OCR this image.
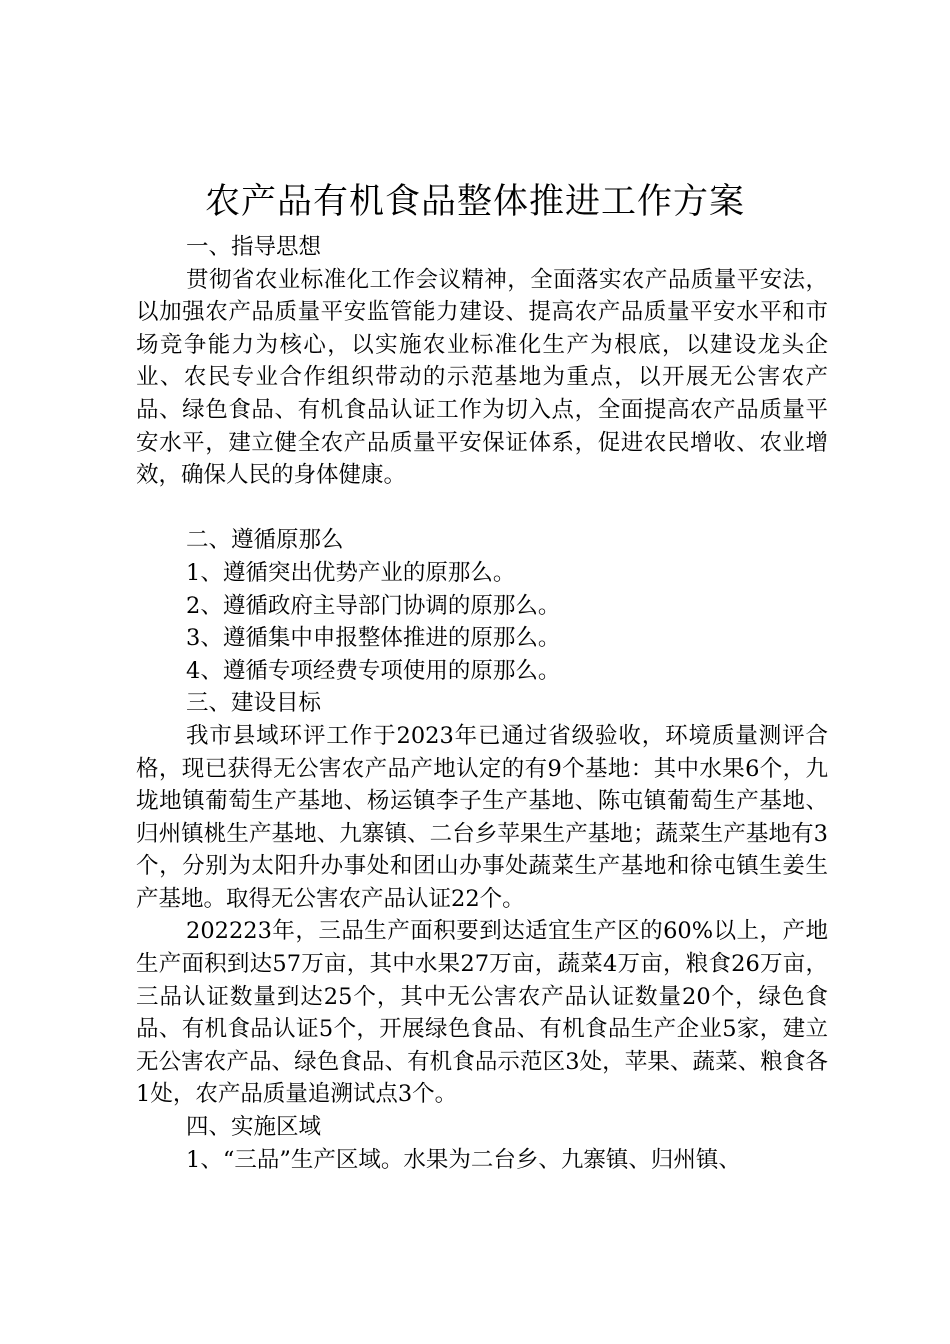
农产品有机食品整体推进工作方案

一、指导思想

贯彻省农业标准化工作会议精神，全面落实农产品质量平安法，以加强农产品质量平安监管能力建设、提高农产品质量平安水平和市场竞争能力为核心，以实施农业标准化生产为根底，以建设龙头企业、农民专业合作组织带动的示范基地为重点，以开展无公害农产品、绿色食品、有机食品认证工作为切入点，全面提高农产品质量平安水平，建立健全农产品质量平安保证体系，促进农民增收、农业增效，确保人民的身体健康。

二、遵循原那么

1、遵循突出优势产业的原那么。

2、遵循政府主导部门协调的原那么。

3、遵循集中申报整体推进的原那么。

4、遵循专项经费专项使用的原那么。

三、建设目标

我市县域环评工作于2023年已通过省级验收，环境质量测评合格，现已获得无公害农产品产地认定的有9个基地：其中水果6个，九垅地镇葡萄生产基地、杨运镇李子生产基地、陈屯镇葡萄生产基地、归州镇桃生产基地、九寨镇、二台乡苹果生产基地；蔬菜生产基地有3个，分别为太阳升办事处和团山办事处蔬菜生产基地和徐屯镇生姜生产基地。取得无公害农产品认证22个。

202223年，三品生产面积要到达适宜生产区的60%以上，产地生产面积到达57万亩，其中水果27万亩，蔬菜4万亩，粮食26万亩，三品认证数量到达25个，其中无公害农产品认证数量20个，绿色食品、有机食品认证5个，开展绿色食品、有机食品生产企业5家，建立无公害农产品、绿色食品、有机食品示范区3处，苹果、蔬菜、粮食各1处，农产品质量追溯试点3个。

四、实施区域

1、“三品”生产区域。水果为二台乡、九寨镇、归州镇、
